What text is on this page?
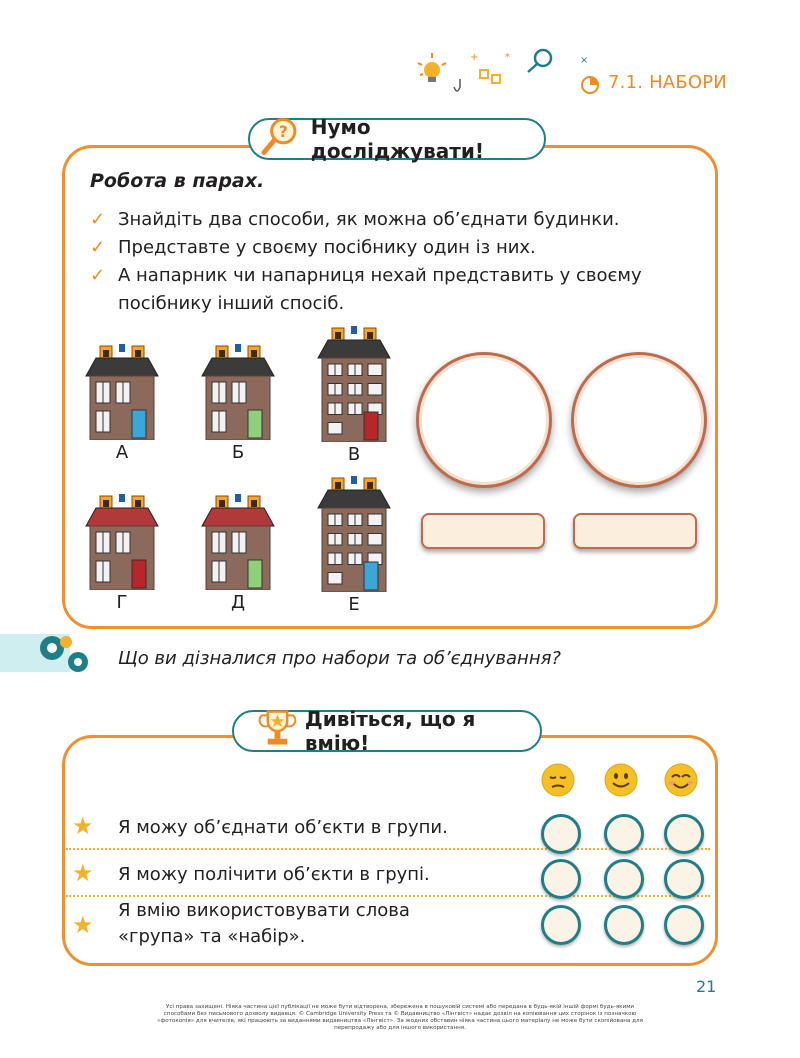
+	*	×
7.1. НАБОРИ
? Нумо досліджувати!
Робота в парах.
✓ Знайдіть два способи, як можна об’єднати будинки.
✓ Представте у своєму посібнику один із них.
✓ А напарник чи напарниця нехай представить у своєму посібнику інший спосіб.
А	Б	В
Г	Д	Е
Що ви дізналися про набори та об’єднування?
Дивіться, що я вмію!
★ Я можу об’єднати об’єкти в групи.
★ Я можу полічити об’єкти в групі.
★
Я вмію використовувати слова «група» та «набір».
21
Усі права захищені. Ніяка частина цієї публікації не може бути відтворена, збережена в пошуковій системі або передана в будь-якій іншій формі будь-якими способами без письмового дозволу видавця. © Cambridge University Press та © Видавництво «Лінгвіст» надає дозвіл на копіювання цих сторінок із позначкою «фотокопія» для вчителів, які працюють за виданнями видавництва «Лінгвіст». За жодних обставин ніяка частина цього матеріалу не може бути скопійована для перепродажу або для іншого використання.
